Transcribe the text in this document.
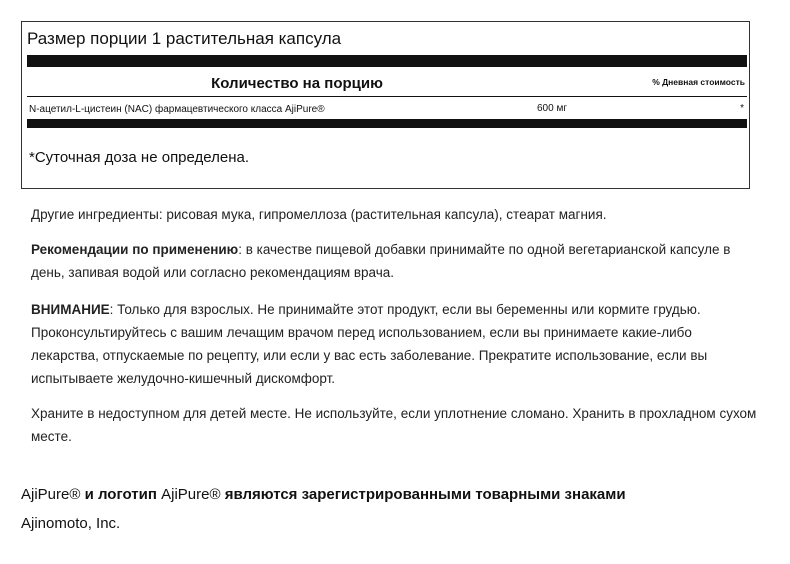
Размер порции 1 растительная капсула
Количество на порцию	% Дневная стоимость
N-ацетил-L-цистеин (NAC) фармацевтического класса AjiPure®	600 мг	*
*Суточная доза не определена.
Другие ингредиенты: рисовая мука, гипромеллоза (растительная капсула), стеарат магния.
Рекомендации по применению: в качестве пищевой добавки принимайте по одной вегетарианской капсуле в день, запивая водой или согласно рекомендациям врача.
ВНИМАНИЕ: Только для взрослых. Не принимайте этот продукт, если вы беременны или кормите грудью. Проконсультируйтесь с вашим лечащим врачом перед использованием, если вы принимаете какие-либо лекарства, отпускаемые по рецепту, или если у вас есть заболевание. Прекратите использование, если вы испытываете желудочно-кишечный дискомфорт.
Храните в недоступном для детей месте. Не используйте, если уплотнение сломано. Хранить в прохладном сухом месте.
AjiPure® и логотип AjiPure® являются зарегистрированными товарными знаками
Ajinomoto, Inc.
